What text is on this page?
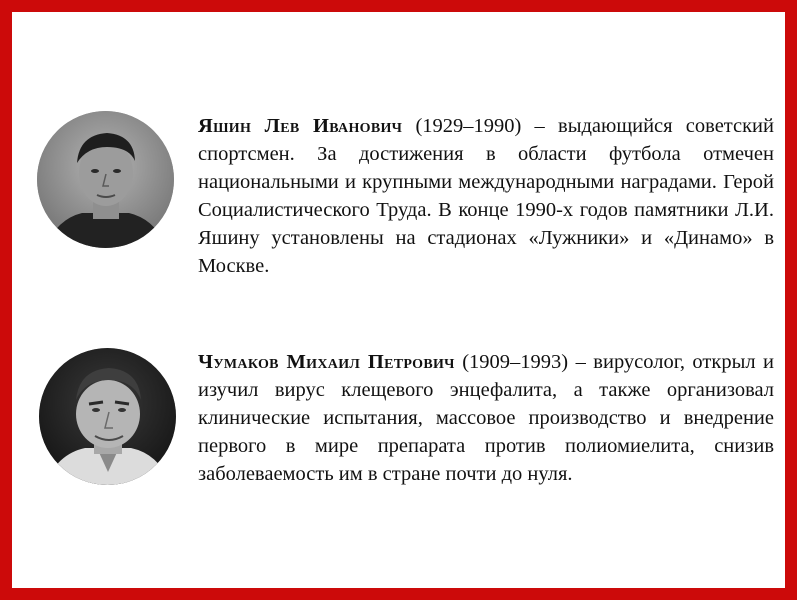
Яшин Лев Иванович (1929–1990) – выдающийся советский спортсмен. За достижения в области футбола отмечен национальными и крупными международными наградами. Герой Социалистического Труда. В конце 1990-х годов памятники Л.И. Яшину установлены на стадионах «Лужники» и «Динамо» в Москве.

Чумаков Михаил Петрович (1909–1993) – вирусолог, открыл и изучил вирус клещевого энцефалита, а также организовал клинические испытания, массовое производство и внедрение первого в мире препарата против полиомиелита, снизив заболеваемость им в стране почти до нуля.
